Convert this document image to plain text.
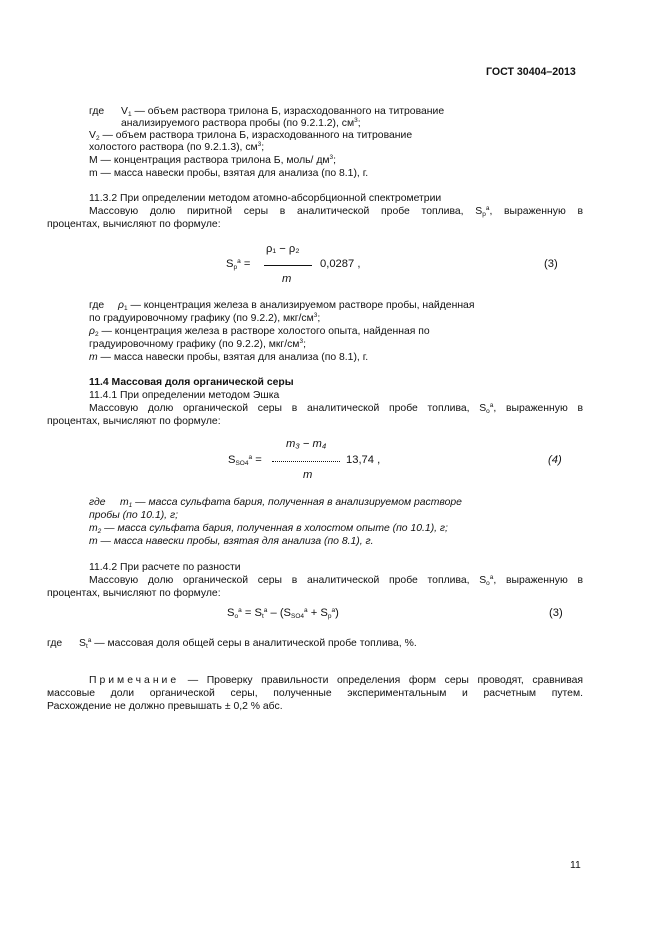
ГОСТ 30404–2013
где $V_1$ — объем раствора трилона Б, израсходованного на титрование
анализируемого раствора пробы (по 9.2.1.2), $см^3$;
$V_2$ — объем раствора трилона Б, израсходованного на титрование
холостого раствора (по 9.2.1.3), $см^3$;
М — концентрация раствора трилона Б, моль/ $дм^3$;
m — масса навески пробы, взятая для анализа (по 8.1), г.
11.3.2 При определении методом атомно-абсорбционной спектрометрии
Массовую долю пиритной серы в аналитической пробе топлива, $S_p^a$, выраженную в
процентах, вычисляют по формуле:
ρ₁ − ρ₂
$S_p^a$ =	0,0287 ,
m
(3)
где $\rho_1$ — концентрация железа в анализируемом растворе пробы, найденная
по градуировочному графику (по 9.2.2), мкг/$см^3$;
$\rho_2$ — концентрация железа в растворе холостого опыта, найденная по
градуировочному графику (по 9.2.2), мкг/$см^3$;
m — масса навески пробы, взятая для анализа (по 8.1), г.
11.4 Массовая доля органической серы
11.4.1 При определении методом Эшка
Массовую долю органической серы в аналитической пробе топлива, $S_o^a$, выраженную в
процентах, вычисляют по формуле:
m₃ − m₄
$S_{SO4}^a$ =	13,74 ,
m
(4)
где $m_1$ — масса сульфата бария, полученная в анализируемом растворе
пробы (по 10.1), г;
$m_2$ — масса сульфата бария, полученная в холостом опыте (по 10.1), г;
m — масса навески пробы, взятая для анализа (по 8.1), г.
11.4.2 При расчете по разности
Массовую долю органической серы в аналитической пробе топлива, $S_o^a$, выраженную в
процентах, вычисляют по формуле:
$S_o^a = S_t^a - (S_{SO4}^a + S_p^a)$	(3)
где $S_t^a$ — массовая доля общей серы в аналитической пробе топлива, %.
Примечание — Проверку правильности определения форм серы проводят, сравнивая
массовые доли органической серы, полученные экспериментальным и расчетным путем.
Расхождение не должно превышать ± 0,2 % абс.
11
